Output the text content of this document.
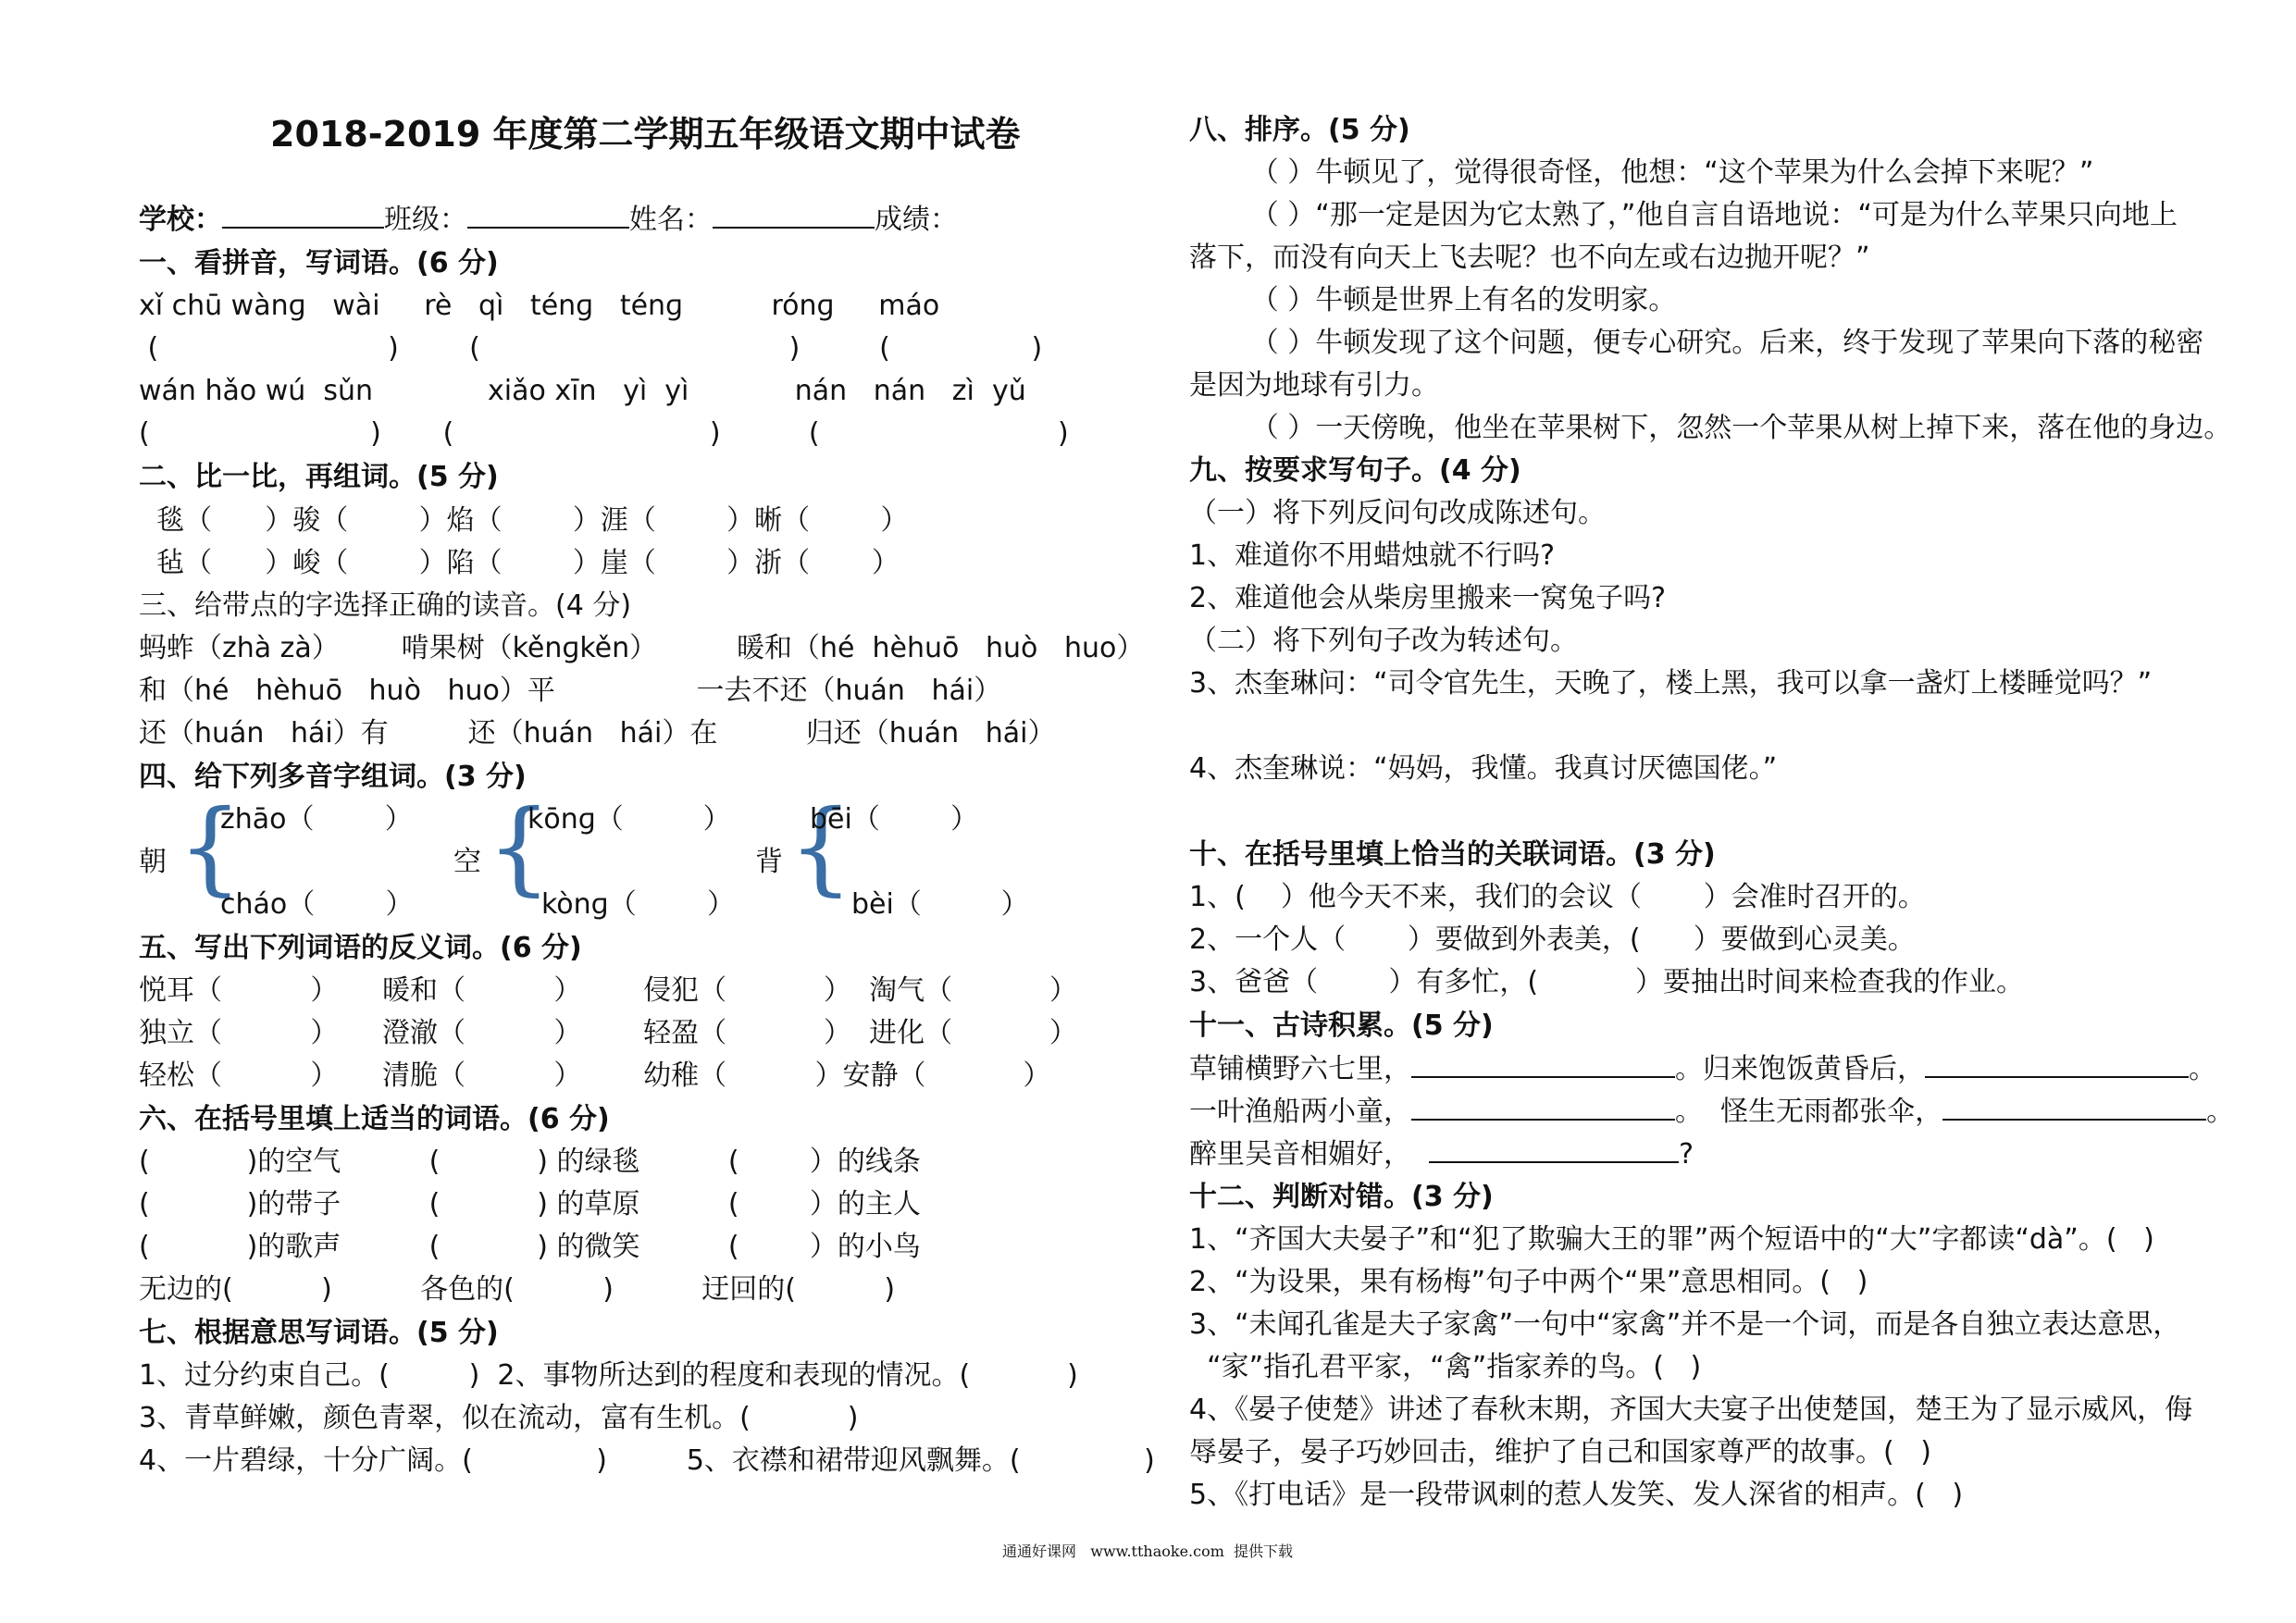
2018-2019 年度第二学期五年级语文期中试卷
学校：	班级：	姓名：	成绩：
一、看拼音，写词语。(6 分)
xǐ chū wànɡ   wài     rè   qì   ténɡ   ténɡ          rónɡ     máo
(                          )        (                                   )         (                )
wán hǎo wú  sǔn             xiǎo xīn   yì  yì            nán   nán   zì  yǔ
(                         )       (                             )          (                           )
二、比一比，再组词。(5 分)
毯（      ）骏（        ）焰（        ）涯（        ）晰（        ）
毡（      ）峻（        ）陷（        ）崖（        ）浙（       ）
三、给带点的字选择正确的读音。(4 分)
蚂蚱（zhà zà）       啃果树（kěnɡkěn）         暖和（hé  hèhuō   huò   huo）
和（hé   hèhuō   huò   huo）平                一去不还（huán   hái）
还（huán   hái）有         还（huán   hái）在          归还（huán   hái）
四、给下列多音字组词。(3 分)
朝 {
zhāo（        ）
cháo（        ）
空 {
kōnɡ（         ）
kònɡ（        ）
背 {
bēi（        ）
bèi（         ）
五、写出下列词语的反义词。(6 分)
悦耳（          ）     暖和（          ）       侵犯（           ）  淘气（           ）
独立（          ）     澄澈（          ）       轻盈（           ）  进化（           ）
轻松（          ）     清脆（          ）       幼稚（          ）安静（           ）
六、在括号里填上适当的词语。(6 分)
(           )的空气          (           ) 的绿毯          (        ）的线条
(           )的带子          (           ) 的草原          (        ）的主人
(           )的歌声          (           ) 的微笑          (        ）的小鸟
无边的(          )          各色的(          )          迂回的(          )
七、根据意思写词语。(5 分)
1、过分约束自己。(         )  2、事物所达到的程度和表现的情况。(           )
3、青草鲜嫩，颜色青翠，似在流动，富有生机。(           )
4、一片碧绿，十分广阔。(              )         5、衣襟和裙带迎风飘舞。(              )
八、排序。(5 分)
（ ）牛顿见了，觉得很奇怪，他想：“这个苹果为什么会掉下来呢？”
（ ）“那一定是因为它太熟了，”他自言自语地说：“可是为什么苹果只向地上
落下，而没有向天上飞去呢？也不向左或右边抛开呢？”
（ ）牛顿是世界上有名的发明家。
（ ）牛顿发现了这个问题，便专心研究。后来，终于发现了苹果向下落的秘密
是因为地球有引力。
（ ）一天傍晚，他坐在苹果树下，忽然一个苹果从树上掉下来，落在他的身边。
九、按要求写句子。(4 分)
（一）将下列反问句改成陈述句。
1、难道你不用蜡烛就不行吗?
2、难道他会从柴房里搬来一窝兔子吗?
（二）将下列句子改为转述句。
3、杰奎琳问：“司令官先生，天晚了，楼上黑，我可以拿一盏灯上楼睡觉吗？”
4、杰奎琳说：“妈妈，我懂。我真讨厌德国佬。”
十、在括号里填上恰当的关联词语。(3 分)
1、(    ）他今天不来，我们的会议（       ）会准时召开的。
2、一个人（       ）要做到外表美，(      ）要做到心灵美。
3、爸爸（        ）有多忙，(           ）要抽出时间来检查我的作业。
十一、古诗积累。(5 分)
草铺横野六七里，	。归来饱饭黄昏后，	。
一叶渔船两小童，	。  怪生无雨都张伞，	。
醉里吴音相媚好，	?
十二、判断对错。(3 分)
1、“齐国大夫晏子”和“犯了欺骗大王的罪”两个短语中的“大”字都读“dà”。(   )
2、“为设果，果有杨梅”句子中两个“果”意思相同。(   )
3、“未闻孔雀是夫子家禽”一句中“家禽”并不是一个词，而是各自独立表达意思，
“家”指孔君平家，“禽”指家养的鸟。(   )
4、《晏子使楚》讲述了春秋末期，齐国大夫宴子出使楚国，楚王为了显示威风，侮
辱晏子，晏子巧妙回击，维护了自己和国家尊严的故事。(   )
5、《打电话》是一段带讽刺的惹人发笑、发人深省的相声。(   )
通通好课网   www.tthaoke.com  提供下载
